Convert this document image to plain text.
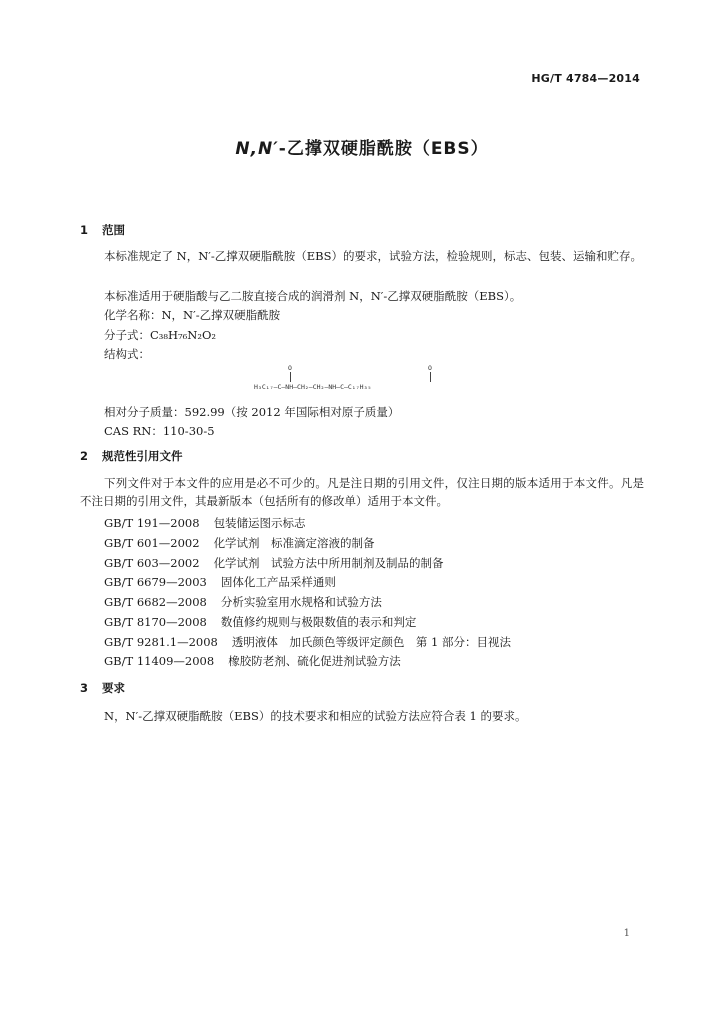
HG/T 4784—2014
N,N′-乙撑双硬脂酰胺（EBS）
1 范围
本标准规定了 N，N′-乙撑双硬脂酰胺（EBS）的要求，试验方法，检验规则，标志、包装、运输和贮存。
本标准适用于硬脂酸与乙二胺直接合成的润滑剂 N，N′-乙撑双硬脂酰胺（EBS）。
化学名称：N，N′-乙撑双硬脂酰胺
分子式：C₃₈H₇₆N₂O₂
结构式：
O	O
H₃C₁₇—C—NH—CH₂—CH₂—NH—C—C₁₇H₃₅
相对分子质量：592.99（按 2012 年国际相对原子质量）
CAS RN：110-30-5
2 规范性引用文件
下列文件对于本文件的应用是必不可少的。凡是注日期的引用文件，仅注日期的版本适用于本文件。凡是不注日期的引用文件，其最新版本（包括所有的修改单）适用于本文件。
GB/T 191—2008 包装储运图示标志
GB/T 601—2002 化学试剂　标准滴定溶液的制备
GB/T 603—2002 化学试剂　试验方法中所用制剂及制品的制备
GB/T 6679—2003 固体化工产品采样通则
GB/T 6682—2008 分析实验室用水规格和试验方法
GB/T 8170—2008 数值修约规则与极限数值的表示和判定
GB/T 9281.1—2008 透明液体　加氏颜色等级评定颜色　第 1 部分：目视法
GB/T 11409—2008 橡胶防老剂、硫化促进剂试验方法
3 要求
N，N′-乙撑双硬脂酰胺（EBS）的技术要求和相应的试验方法应符合表 1 的要求。
1
